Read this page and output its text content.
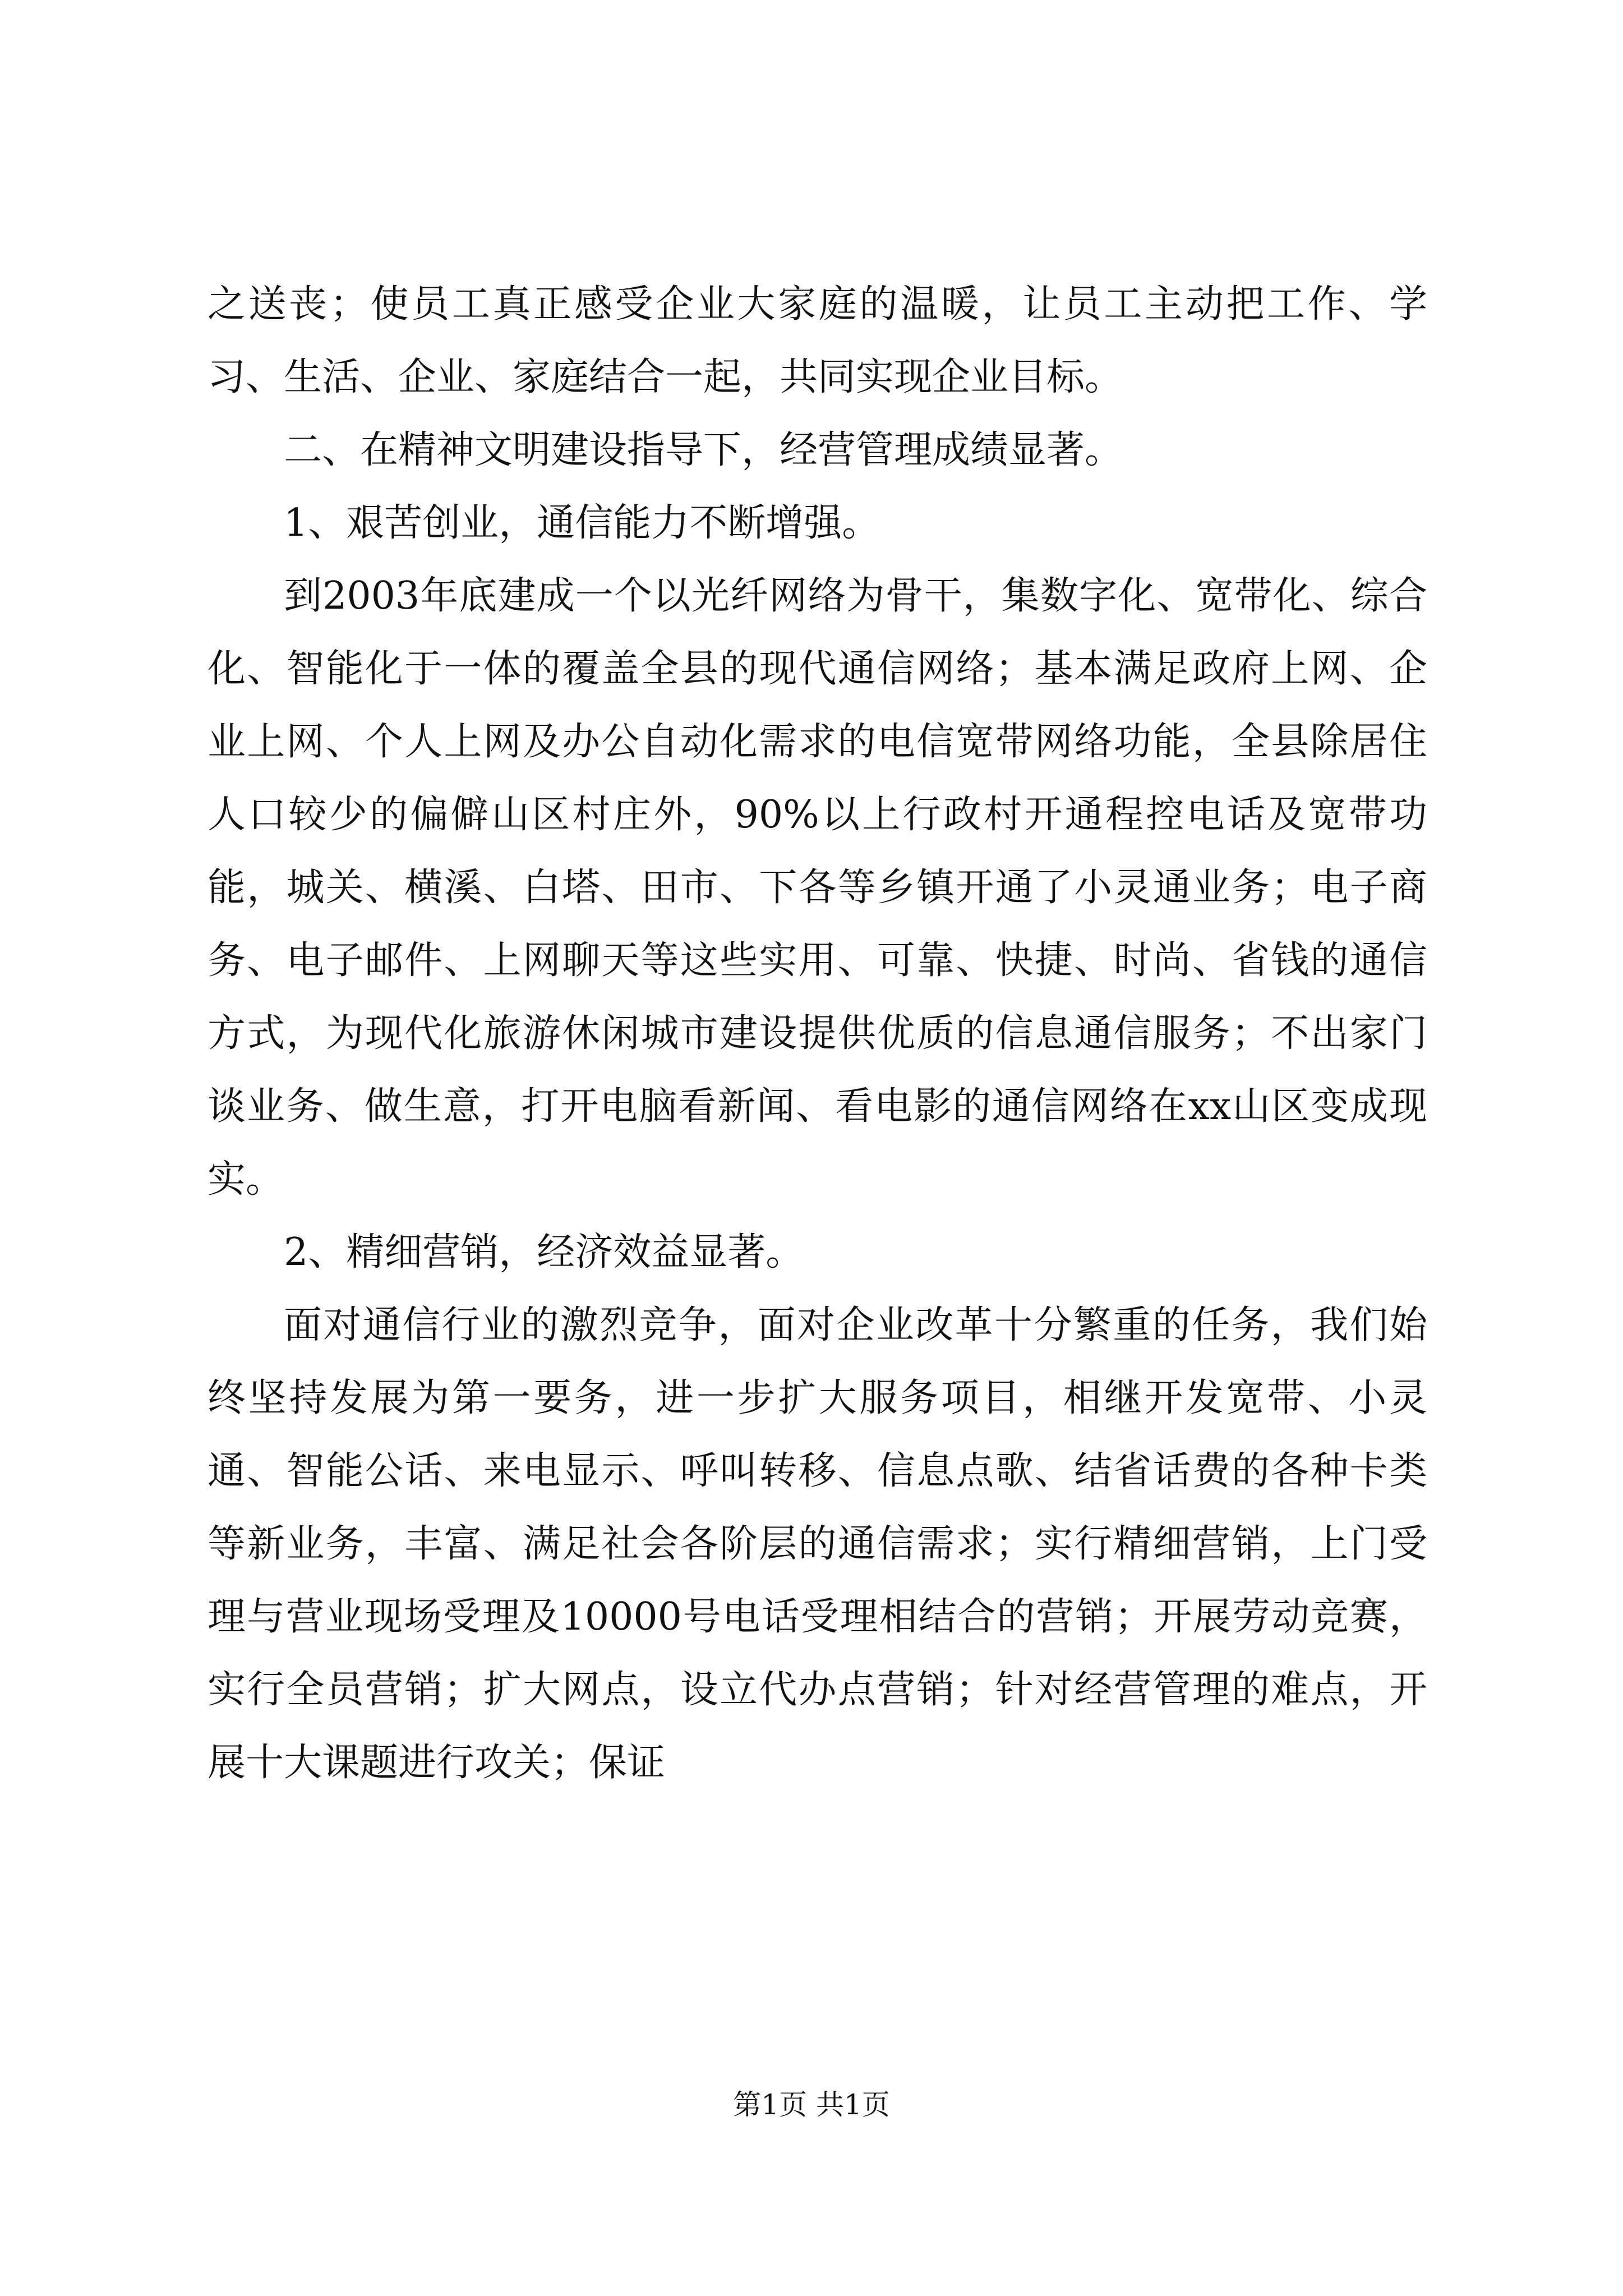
之送丧；使员工真正感受企业大家庭的温暖，让员工主动把工作、学习、生活、企业、家庭结合一起，共同实现企业目标。

二、在精神文明建设指导下，经营管理成绩显著。

1、艰苦创业，通信能力不断增强。

到2003年底建成一个以光纤网络为骨干，集数字化、宽带化、综合化、智能化于一体的覆盖全县的现代通信网络；基本满足政府上网、企业上网、个人上网及办公自动化需求的电信宽带网络功能，全县除居住人口较少的偏僻山区村庄外，90%以上行政村开通程控电话及宽带功能，城关、横溪、白塔、田市、下各等乡镇开通了小灵通业务；电子商务、电子邮件、上网聊天等这些实用、可靠、快捷、时尚、省钱的通信方式，为现代化旅游休闲城市建设提供优质的信息通信服务；不出家门谈业务、做生意，打开电脑看新闻、看电影的通信网络在xx山区变成现实。

2、精细营销，经济效益显著。

面对通信行业的激烈竞争，面对企业改革十分繁重的任务，我们始终坚持发展为第一要务，进一步扩大服务项目，相继开发宽带、小灵通、智能公话、来电显示、呼叫转移、信息点歌、结省话费的各种卡类等新业务，丰富、满足社会各阶层的通信需求；实行精细营销，上门受理与营业现场受理及10000号电话受理相结合的营销；开展劳动竞赛，实行全员营销；扩大网点，设立代办点营销；针对经营管理的难点，开展十大课题进行攻关；保证

第1页 共1页
